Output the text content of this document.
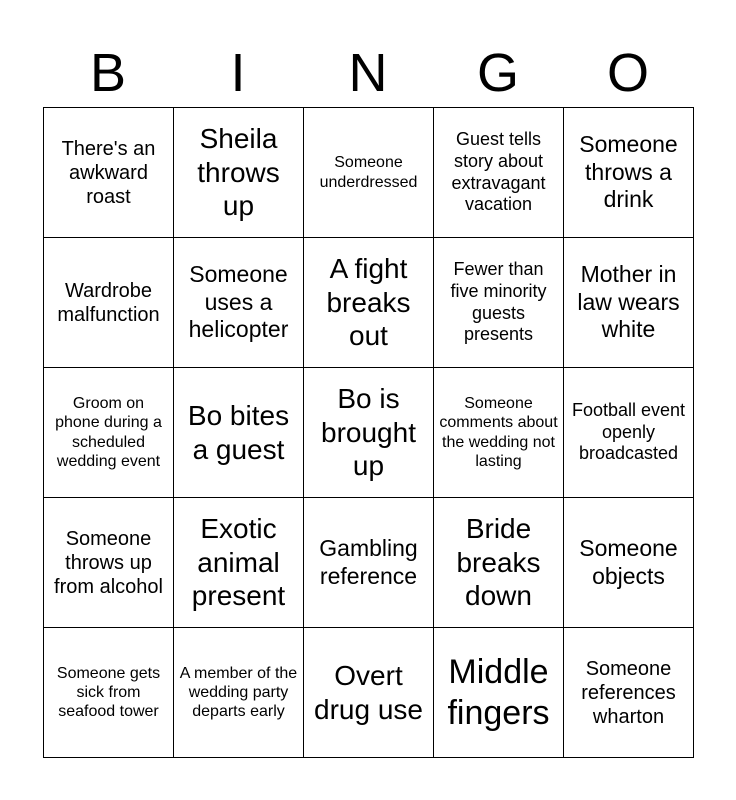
B	I	N	G	O
There's an awkward roast
Sheila throws up
Someone underdressed
Guest tells story about extravagant vacation
Someone throws a drink
Wardrobe malfunction
Someone uses a helicopter
A fight breaks out
Fewer than five minority guests presents
Mother in law wears white
Groom on phone during a scheduled wedding event
Bo bites a guest
Bo is brought up
Someone comments about the wedding not lasting
Football event openly broadcasted
Someone throws up from alcohol
Exotic animal present
Gambling reference
Bride breaks down
Someone objects
Someone gets sick from seafood tower
A member of the wedding party departs early
Overt drug use
Middle fingers
Someone references wharton
